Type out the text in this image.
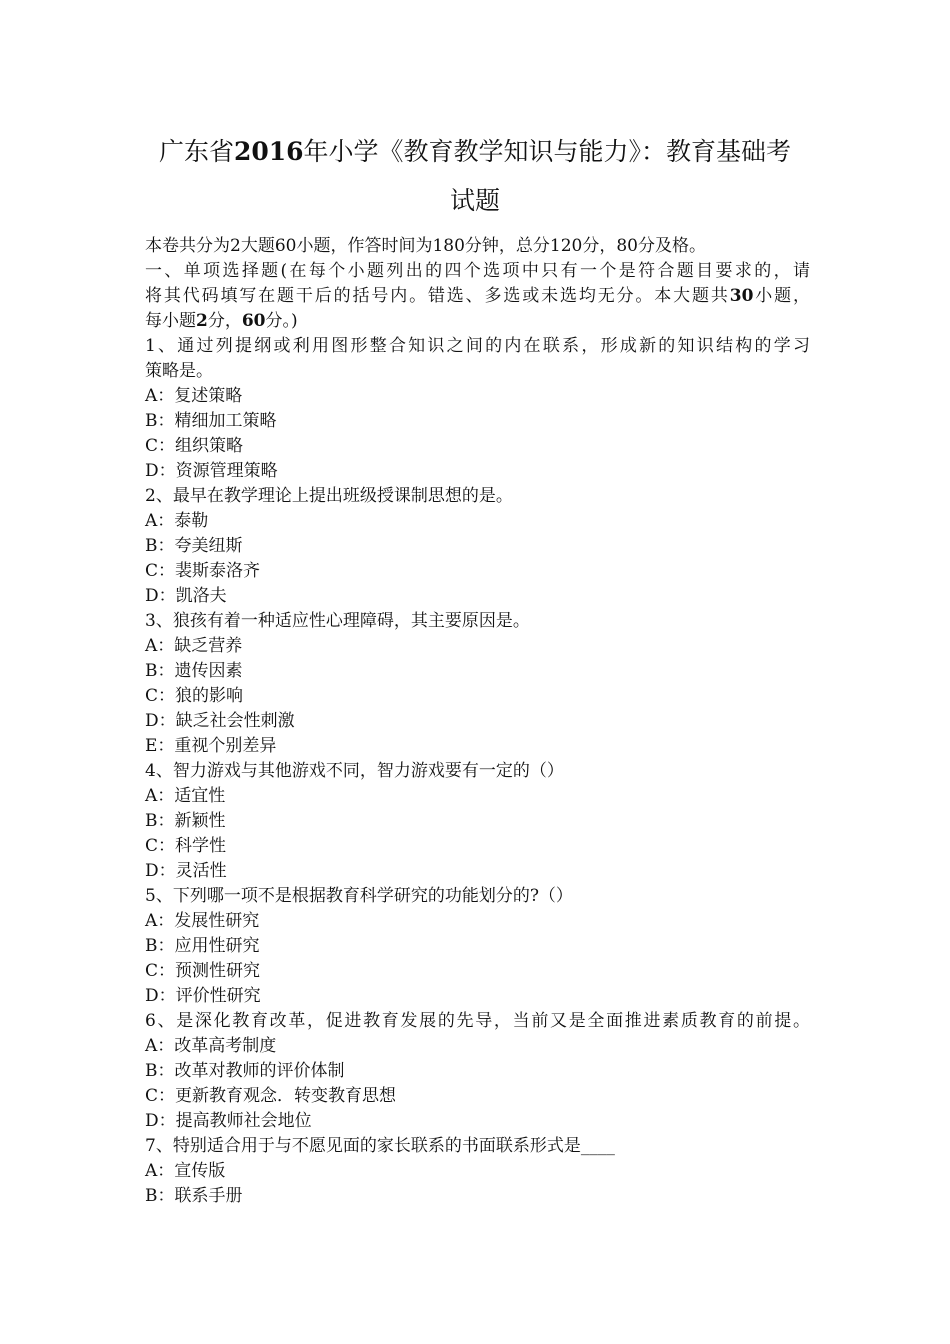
广东省2016年小学《教育教学知识与能力》：教育基础考
试题
本卷共分为2大题60小题，作答时间为180分钟，总分120分，80分及格。
一、单项选择题(在每个小题列出的四个选项中只有一个是符合题目要求的，请
将其代码填写在题干后的括号内。错选、多选或未选均无分。本大题共30小题，
每小题2分，60分。)
1、通过列提纲或利用图形整合知识之间的内在联系，形成新的知识结构的学习
策略是。
A：复述策略
B：精细加工策略
C：组织策略
D：资源管理策略
2、最早在教学理论上提出班级授课制思想的是。
A：泰勒
B：夸美纽斯
C：裴斯泰洛齐
D：凯洛夫
3、狼孩有着一种适应性心理障碍，其主要原因是。
A：缺乏营养
B：遗传因素
C：狼的影响
D：缺乏社会性刺激
E：重视个别差异
4、智力游戏与其他游戏不同，智力游戏要有一定的（）
A：适宜性
B：新颖性
C：科学性
D：灵活性
5、下列哪一项不是根据教育科学研究的功能划分的?（）
A：发展性研究
B：应用性研究
C：预测性研究
D：评价性研究
6、是深化教育改革，促进教育发展的先导，当前又是全面推进素质教育的前提。
A：改革高考制度
B：改革对教师的评价体制
C：更新教育观念．转变教育思想
D：提高教师社会地位
7、特别适合用于与不愿见面的家长联系的书面联系形式是____
A：宣传版
B：联系手册
